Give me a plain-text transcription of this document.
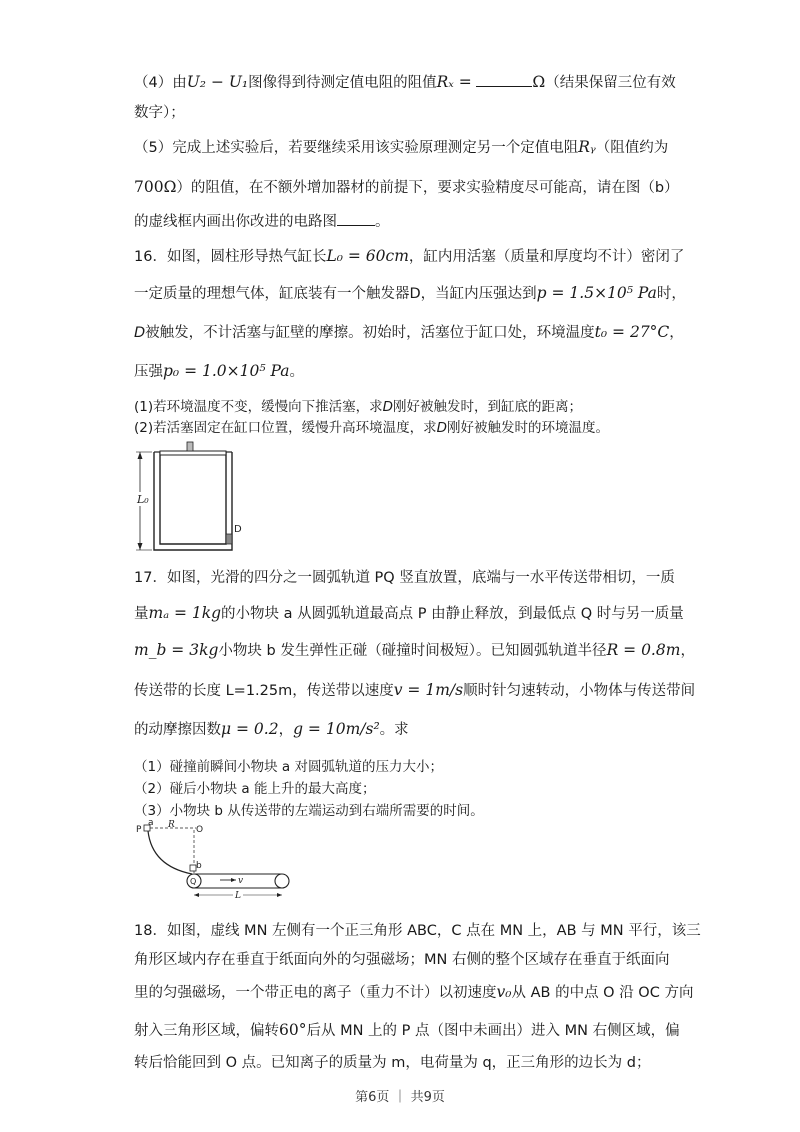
（4）由U₂ − U₁图像得到待测定值电阻的阻值Rₓ =	Ω（结果保留三位有效
数字）；
（5）完成上述实验后，若要继续采用该实验原理测定另一个定值电阻Rᵧ（阻值约为
700Ω）的阻值，在不额外增加器材的前提下，要求实验精度尽可能高，请在图（b）
的虚线框内画出你改进的电路图	。
16．如图，圆柱形导热气缸长L₀ = 60cm，缸内用活塞（质量和厚度均不计）密闭了
一定质量的理想气体，缸底装有一个触发器D，当缸内压强达到p = 1.5×10⁵ Pa时，
D被触发，不计活塞与缸壁的摩擦。初始时，活塞位于缸口处，环境温度t₀ = 27°C，
压强p₀ = 1.0×10⁵ Pa。
(1)若环境温度不变，缓慢向下推活塞，求D刚好被触发时，到缸底的距离；
(2)若活塞固定在缸口位置，缓慢升高环境温度，求D刚好被触发时的环境温度。
L₀
D
17．如图，光滑的四分之一圆弧轨道 PQ 竖直放置，底端与一水平传送带相切，一质
量mₐ = 1kg的小物块 a 从圆弧轨道最高点 P 由静止释放，到最低点 Q 时与另一质量
m_b = 3kg小物块 b 发生弹性正碰（碰撞时间极短）。已知圆弧轨道半径R = 0.8m，
传送带的长度 L=1.25m，传送带以速度v = 1m/s顺时针匀速转动，小物体与传送带间
的动摩擦因数μ = 0.2，g = 10m/s²。求
（1）碰撞前瞬间小物块 a 对圆弧轨道的压力大小；
（2）碰后小物块 a 能上升的最大高度；
（3）小物块 b 从传送带的左端运动到右端所需要的时间。
P
a R O
b
Q	v
L
18．如图，虚线 MN 左侧有一个正三角形 ABC，C 点在 MN 上，AB 与 MN 平行，该三
角形区域内存在垂直于纸面向外的匀强磁场；MN 右侧的整个区域存在垂直于纸面向
里的匀强磁场，一个带正电的离子（重力不计）以初速度v₀从 AB 的中点 O 沿 OC 方向
射入三角形区域，偏转60°后从 MN 上的 P 点（图中未画出）进入 MN 右侧区域，偏
转后恰能回到 O 点。已知离子的质量为 m，电荷量为 q，正三角形的边长为 d；
第6页 ｜ 共9页
